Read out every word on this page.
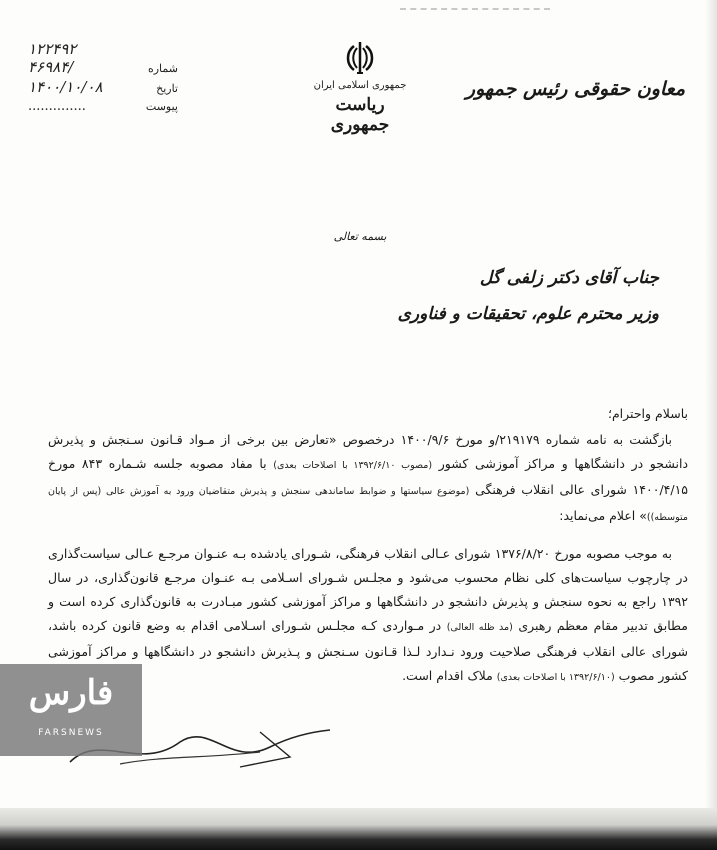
۱۲۲۴۹۲
۴۶۹۸۴/	شماره
۱۴۰۰/۱۰/۰۸	تاریخ
..............	پیوست
جمهوری اسلامی ایران
ریاست جمهوری
معاون حقوقی رئیس جمهور
بسمه تعالی
جناب آقای دکتر زلفی گل
وزیر محترم علوم، تحقیقات و فناوری

باسلام واحترام؛

بازگشت به نامه شماره ۲۱۹۱۷۹/و مورخ ۱۴۰۰/۹/۶ درخصوص «تعارض بین برخی از مـواد قـانون سـنجش و پذیرش دانشجو در دانشگاهها و مراکز آموزشی کشور (مصوب ۱۳۹۲/۶/۱۰ با اصلاحات بعدی) با مفاد مصوبه جلسه شـماره ۸۴۳ مورخ ۱۴۰۰/۴/۱۵ شورای عالی انقلاب فرهنگی (موضوع سیاستها و ضوابط ساماندهی سنجش و پذیرش متقاضیان ورود به آموزش عالی (پس از پایان متوسطه))» اعلام می‌نماید:

به موجب مصوبه مورخ ۱۳۷۶/۸/۲۰ شورای عـالی انقلاب فرهنگی، شـورای یادشده بـه عنـوان مرجـع عـالی سیاست‌گذاری در چارچوب سیاست‌های کلی نظام محسوب می‌شود و مجلـس شـورای اسـلامی بـه عنـوان مرجـع قانون‌گذاری، در سال ۱۳۹۲ راجع به نحوه سنجش و پذیرش دانشجو در دانشگاهها و مراکز آموزشی کشور مبـادرت به قانون‌گذاری کرده است و مطابق تدبیر مقام معظم رهبری (مد ظله العالی) در مـواردی کـه مجلـس شـورای اسـلامی اقدام به وضع قانون کرده باشد، شورای عالی انقلاب فرهنگی صلاحیت ورود نـدارد لـذا قـانون سـنجش و پـذیرش دانشجو در دانشگاهها و مراکز آموزشی کشور مصوب (۱۳۹۲/۶/۱۰ با اصلاحات بعدی) ملاک اقدام است.

فارس
FARSNEWS
